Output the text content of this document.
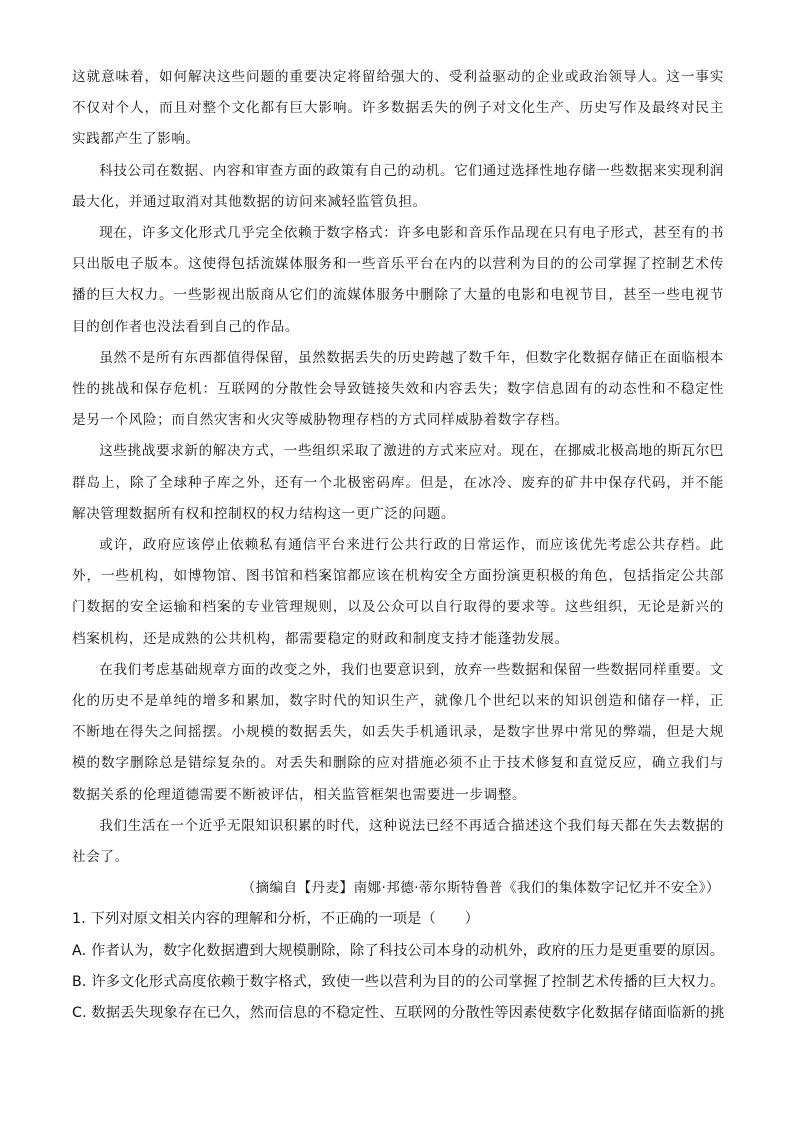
这就意味着，如何解决这些问题的重要决定将留给强大的、受利益驱动的企业或政治领导人。这一事实不仅对个人，而且对整个文化都有巨大影响。许多数据丢失的例子对文化生产、历史写作及最终对民主实践都产生了影响。

科技公司在数据、内容和审查方面的政策有自己的动机。它们通过选择性地存储一些数据来实现利润最大化，并通过取消对其他数据的访问来减轻监管负担。

现在，许多文化形式几乎完全依赖于数字格式：许多电影和音乐作品现在只有电子形式，甚至有的书只出版电子版本。这使得包括流媒体服务和一些音乐平台在内的以营利为目的的公司掌握了控制艺术传播的巨大权力。一些影视出版商从它们的流媒体服务中删除了大量的电影和电视节目，甚至一些电视节目的创作者也没法看到自己的作品。

虽然不是所有东西都值得保留，虽然数据丢失的历史跨越了数千年，但数字化数据存储正在面临根本性的挑战和保存危机：互联网的分散性会导致链接失效和内容丢失；数字信息固有的动态性和不稳定性是另一个风险；而自然灾害和火灾等威胁物理存档的方式同样威胁着数字存档。

这些挑战要求新的解决方式，一些组织采取了激进的方式来应对。现在，在挪威北极高地的斯瓦尔巴群岛上，除了全球种子库之外，还有一个北极密码库。但是，在冰冷、废弃的矿井中保存代码，并不能解决管理数据所有权和控制权的权力结构这一更广泛的问题。

或许，政府应该停止依赖私有通信平台来进行公共行政的日常运作，而应该优先考虑公共存档。此外，一些机构，如博物馆、图书馆和档案馆都应该在机构安全方面扮演更积极的角色，包括指定公共部门数据的安全运输和档案的专业管理规则，以及公众可以自行取得的要求等。这些组织，无论是新兴的档案机构，还是成熟的公共机构，都需要稳定的财政和制度支持才能蓬勃发展。

在我们考虑基础规章方面的改变之外，我们也要意识到，放弃一些数据和保留一些数据同样重要。文化的历史不是单纯的增多和累加，数字时代的知识生产，就像几个世纪以来的知识创造和储存一样，正不断地在得失之间摇摆。小规模的数据丢失，如丢失手机通讯录，是数字世界中常见的弊端，但是大规模的数字删除总是错综复杂的。对丢失和删除的应对措施必须不止于技术修复和直觉反应，确立我们与数据关系的伦理道德需要不断被评估，相关监管框架也需要进一步调整。

我们生活在一个近乎无限知识积累的时代，这种说法已经不再适合描述这个我们每天都在失去数据的社会了。

（摘编自【丹麦】南娜·邦德·蒂尔斯特鲁普《我们的集体数字记忆并不安全》）

1. 下列对原文相关内容的理解和分析，不正确的一项是（　　）

A. 作者认为，数字化数据遭到大规模删除，除了科技公司本身的动机外，政府的压力是更重要的原因。

B. 许多文化形式高度依赖于数字格式，致使一些以营利为目的的公司掌握了控制艺术传播的巨大权力。

C. 数据丢失现象存在已久，然而信息的不稳定性、互联网的分散性等因素使数字化数据存储面临新的挑
